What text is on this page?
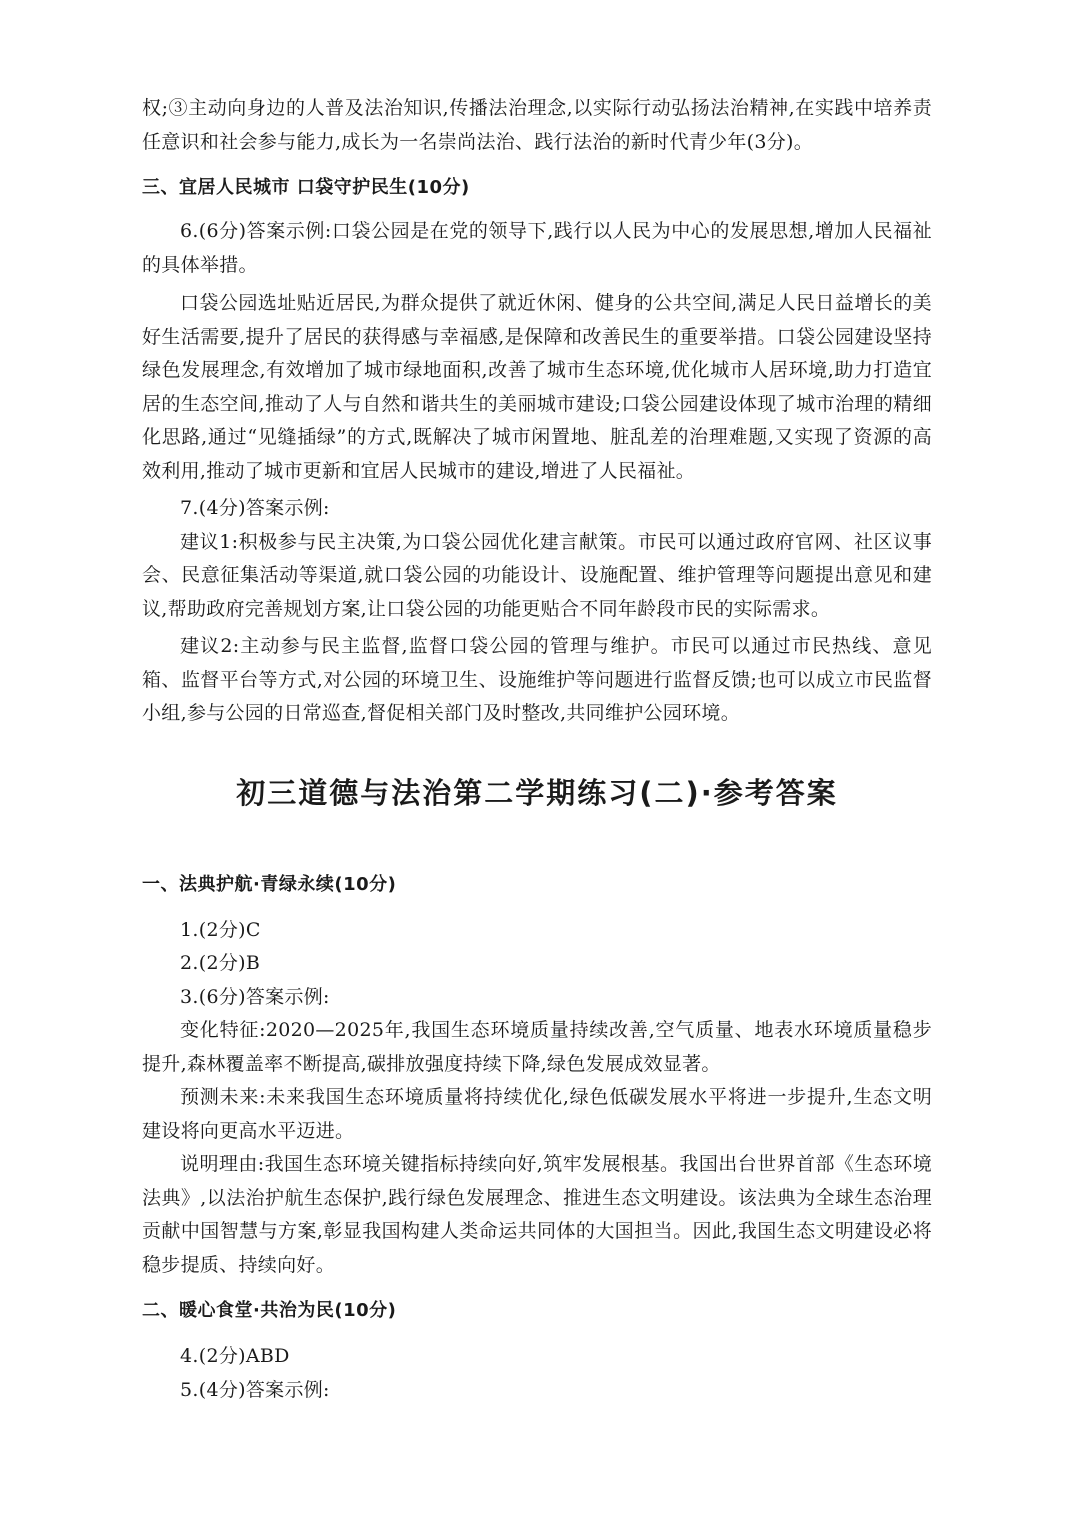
权;③主动向身边的人普及法治知识,传播法治理念,以实际行动弘扬法治精神,在实践中培养责任意识和社会参与能力,成长为一名崇尚法治、践行法治的新时代青少年(3分)。

三、宜居人民城市 口袋守护民生(10分)

6.(6分)答案示例:口袋公园是在党的领导下,践行以人民为中心的发展思想,增加人民福祉的具体举措。

口袋公园选址贴近居民,为群众提供了就近休闲、健身的公共空间,满足人民日益增长的美好生活需要,提升了居民的获得感与幸福感,是保障和改善民生的重要举措。口袋公园建设坚持绿色发展理念,有效增加了城市绿地面积,改善了城市生态环境,优化城市人居环境,助力打造宜居的生态空间,推动了人与自然和谐共生的美丽城市建设;口袋公园建设体现了城市治理的精细化思路,通过“见缝插绿”的方式,既解决了城市闲置地、脏乱差的治理难题,又实现了资源的高效利用,推动了城市更新和宜居人民城市的建设,增进了人民福祉。

7.(4分)答案示例:

建议1:积极参与民主决策,为口袋公园优化建言献策。市民可以通过政府官网、社区议事会、民意征集活动等渠道,就口袋公园的功能设计、设施配置、维护管理等问题提出意见和建议,帮助政府完善规划方案,让口袋公园的功能更贴合不同年龄段市民的实际需求。

建议2:主动参与民主监督,监督口袋公园的管理与维护。市民可以通过市民热线、意见箱、监督平台等方式,对公园的环境卫生、设施维护等问题进行监督反馈;也可以成立市民监督小组,参与公园的日常巡查,督促相关部门及时整改,共同维护公园环境。

初三道德与法治第二学期练习(二)·参考答案
一、法典护航·青绿永续(10分)

1.(2分)C

2.(2分)B

3.(6分)答案示例:

变化特征:2020—2025年,我国生态环境质量持续改善,空气质量、地表水环境质量稳步提升,森林覆盖率不断提高,碳排放强度持续下降,绿色发展成效显著。

预测未来:未来我国生态环境质量将持续优化,绿色低碳发展水平将进一步提升,生态文明建设将向更高水平迈进。

说明理由:我国生态环境关键指标持续向好,筑牢发展根基。我国出台世界首部《生态环境法典》,以法治护航生态保护,践行绿色发展理念、推进生态文明建设。该法典为全球生态治理贡献中国智慧与方案,彰显我国构建人类命运共同体的大国担当。因此,我国生态文明建设必将稳步提质、持续向好。

二、暖心食堂·共治为民(10分)

4.(2分)ABD

5.(4分)答案示例:
